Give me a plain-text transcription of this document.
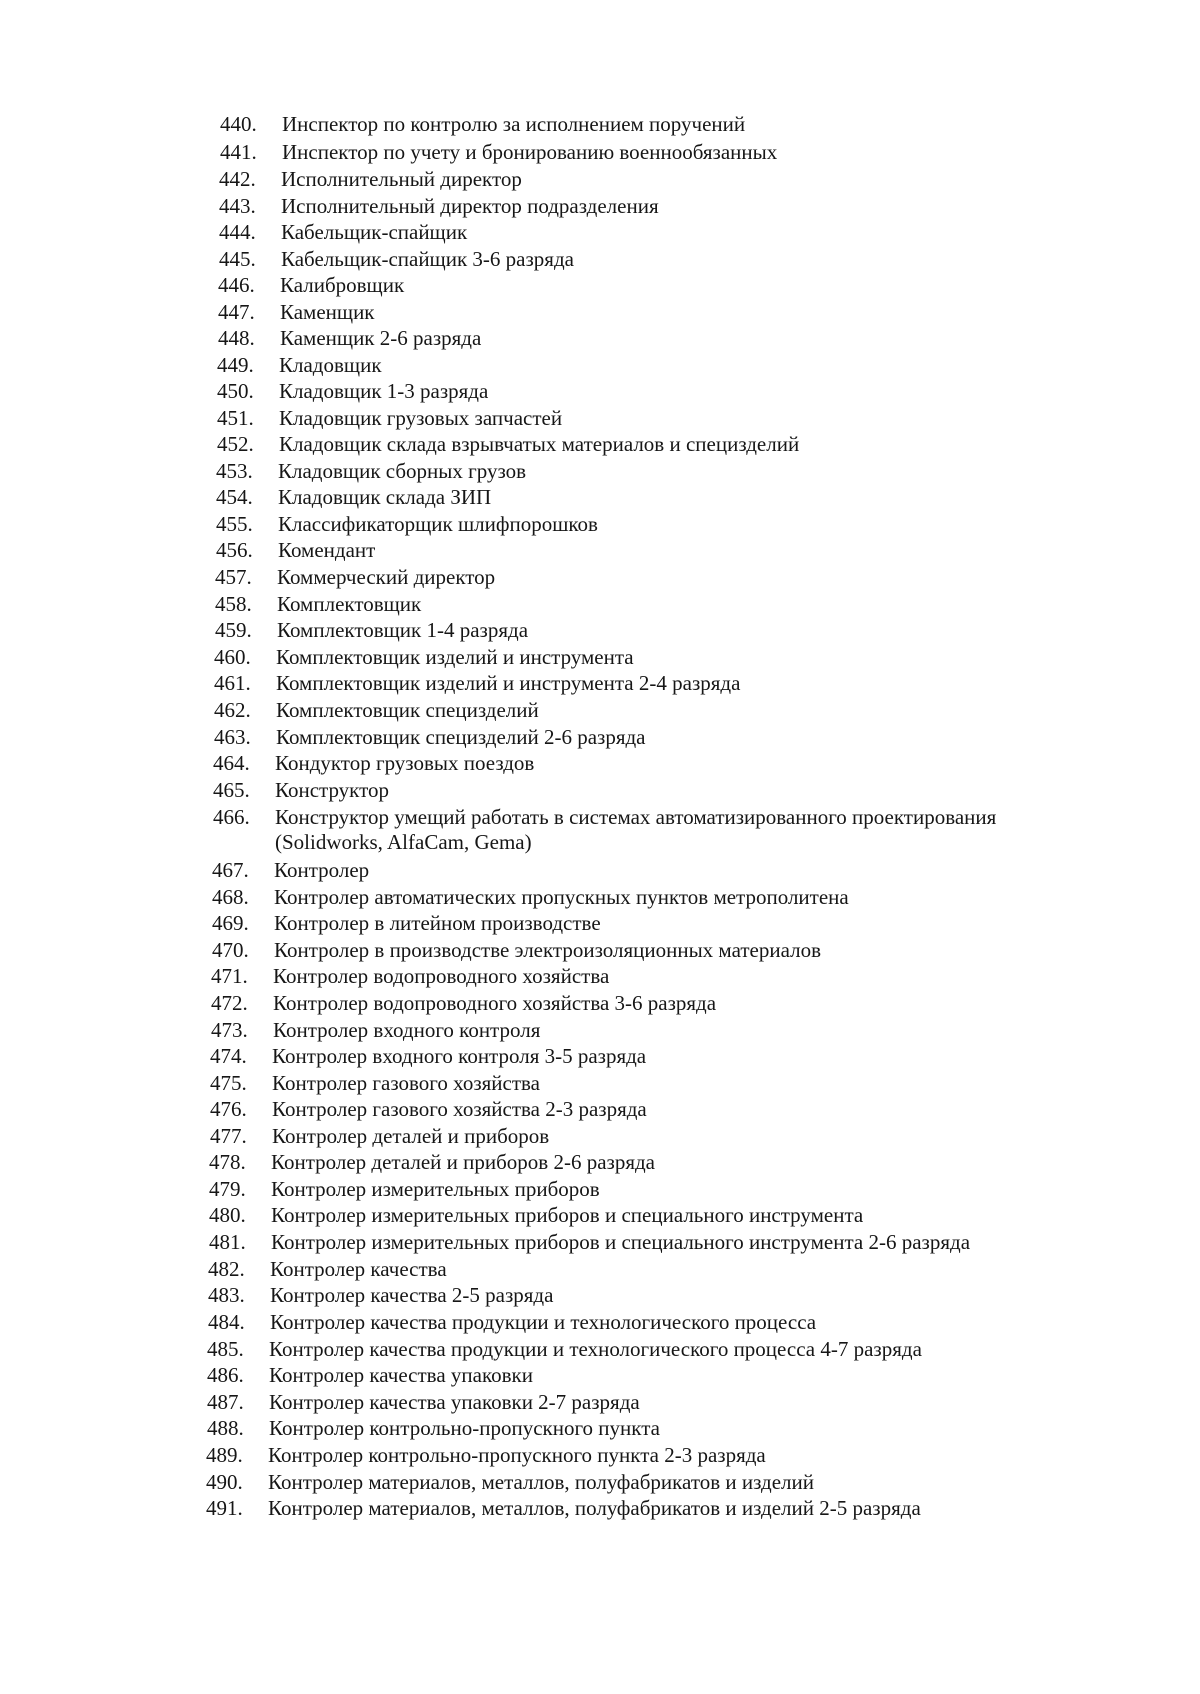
440. Инспектор по контролю за исполнением поручений
441. Инспектор по учету и бронированию военнообязанных
442. Исполнительный директор
443. Исполнительный директор подразделения
444. Кабельщик-спайщик
445. Кабельщик-спайщик 3-6 разряда
446. Калибровщик
447. Каменщик
448. Каменщик 2-6 разряда
449. Кладовщик
450. Кладовщик 1-3 разряда
451. Кладовщик грузовых запчастей
452. Кладовщик склада взрывчатых материалов и специзделий
453. Кладовщик сборных грузов
454. Кладовщик склада ЗИП
455. Классификаторщик шлифпорошков
456. Комендант
457. Коммерческий директор
458. Комплектовщик
459. Комплектовщик 1-4 разряда
460. Комплектовщик изделий и инструмента
461. Комплектовщик изделий и инструмента 2-4 разряда
462. Комплектовщик специзделий
463. Комплектовщик специзделий 2-6 разряда
464. Кондуктор грузовых поездов
465. Конструктор
466. Конструктор умещий работать в системах автоматизированного проектирования
(Solidworks, AlfaCam, Gema)
467. Контролер
468. Контролер автоматических пропускных пунктов метрополитена
469. Контролер в литейном производстве
470. Контролер в производстве электроизоляционных материалов
471. Контролер водопроводного хозяйства
472. Контролер водопроводного хозяйства 3-6 разряда
473. Контролер входного контроля
474. Контролер входного контроля 3-5 разряда
475. Контролер газового хозяйства
476. Контролер газового хозяйства 2-3 разряда
477. Контролер деталей и приборов
478. Контролер деталей и приборов 2-6 разряда
479. Контролер измерительных приборов
480. Контролер измерительных приборов и специального инструмента
481. Контролер измерительных приборов и специального инструмента 2-6 разряда
482. Контролер качества
483. Контролер качества 2-5 разряда
484. Контролер качества продукции и технологического процесса
485. Контролер качества продукции и технологического процесса 4-7 разряда
486. Контролер качества упаковки
487. Контролер качества упаковки 2-7 разряда
488. Контролер контрольно-пропускного пункта
489. Контролер контрольно-пропускного пункта 2-3 разряда
490. Контролер материалов, металлов, полуфабрикатов и изделий
491. Контролер материалов, металлов, полуфабрикатов и изделий 2-5 разряда
